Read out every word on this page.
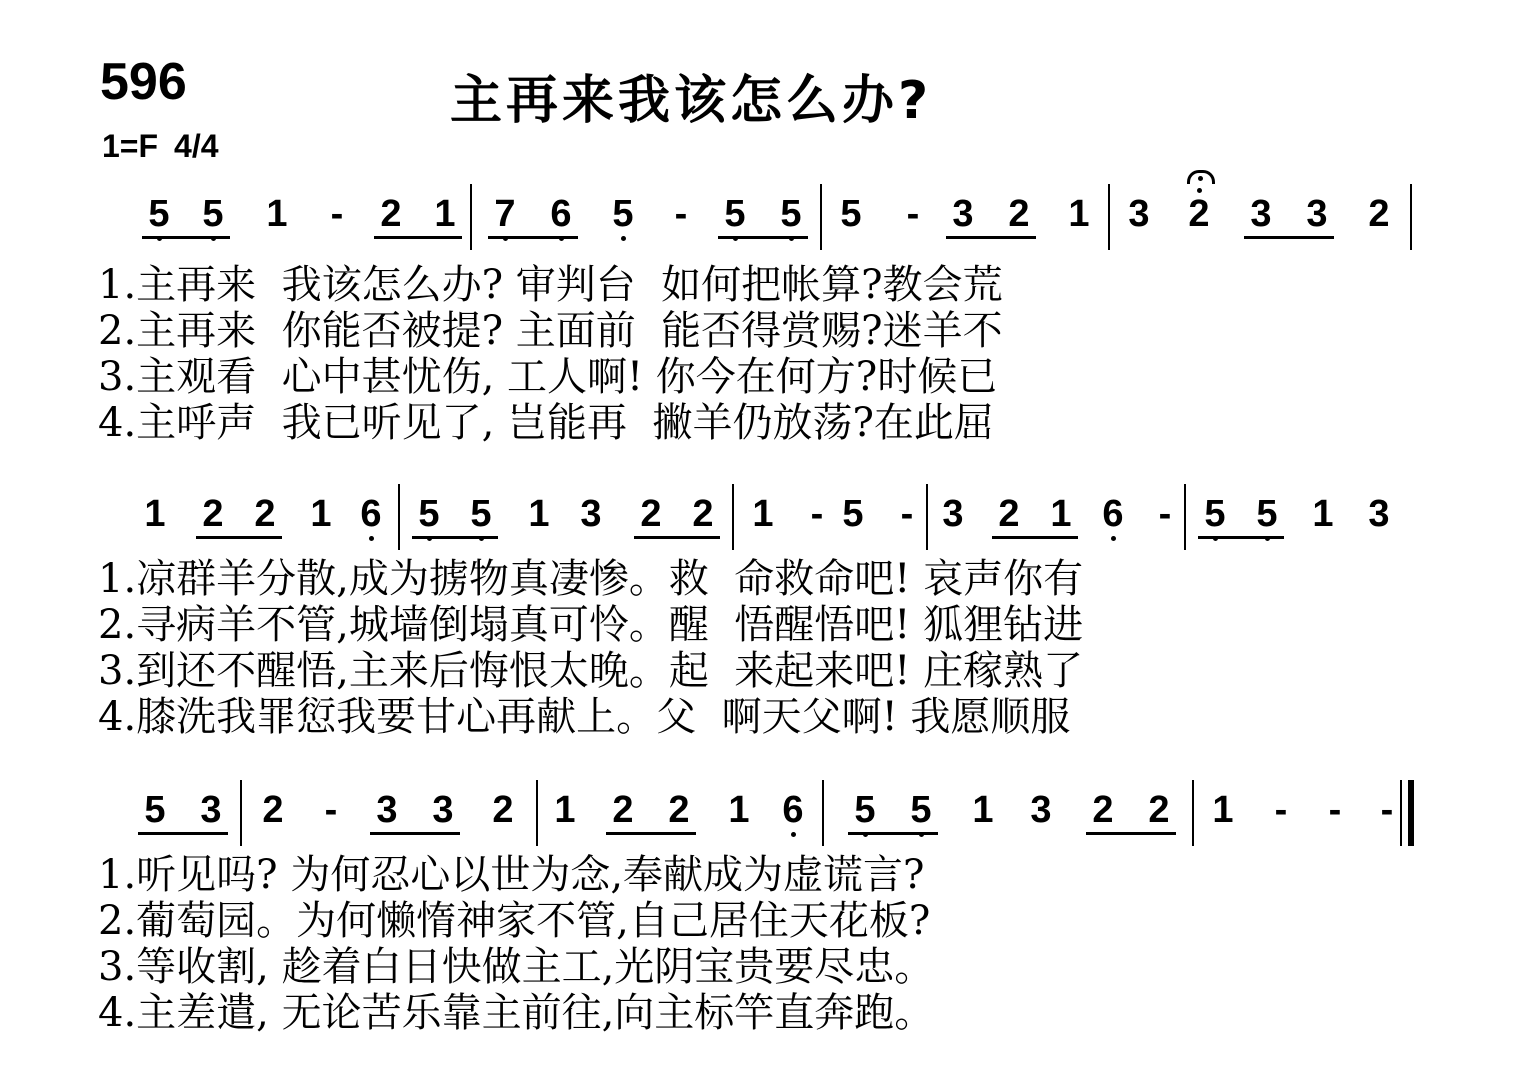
596	主再来我该怎么办?
1=F 4/4
5 5 1 - 2 1 7 6 5 - 5 5 5 - 3 2 1 3 2 3 3 2
1.主再来  我该怎么办? 审判台  如何把帐算?教会荒
2.主再来  你能否被提? 主面前  能否得赏赐?迷羊不
3.主观看  心中甚忧伤, 工人啊! 你今在何方?时候已
4.主呼声  我已听见了, 岂能再  撇羊仍放荡?在此屈
1 2 2 1 6 5 5 1 3 2 2 1 - 5 - 3 2 1 6 - 5 5 1 3
1.凉群羊分散,成为掳物真凄惨。救  命救命吧! 哀声你有
2.寻病羊不管,城墙倒塌真可怜。醒  悟醒悟吧! 狐狸钻进
3.到还不醒悟,主来后悔恨太晚。起  来起来吧! 庄稼熟了
4.膝洗我罪愆我要甘心再献上。父  啊天父啊! 我愿顺服
5 3 2 - 3 3 2 1 2 2 1 6 5 5 1 3 2 2 1 - - -
1.听见吗? 为何忍心以世为念,奉献成为虚谎言?
2.葡萄园。为何懒惰神家不管,自己居住天花板?
3.等收割, 趁着白日快做主工,光阴宝贵要尽忠。
4.主差遣, 无论苦乐靠主前往,向主标竿直奔跑。
